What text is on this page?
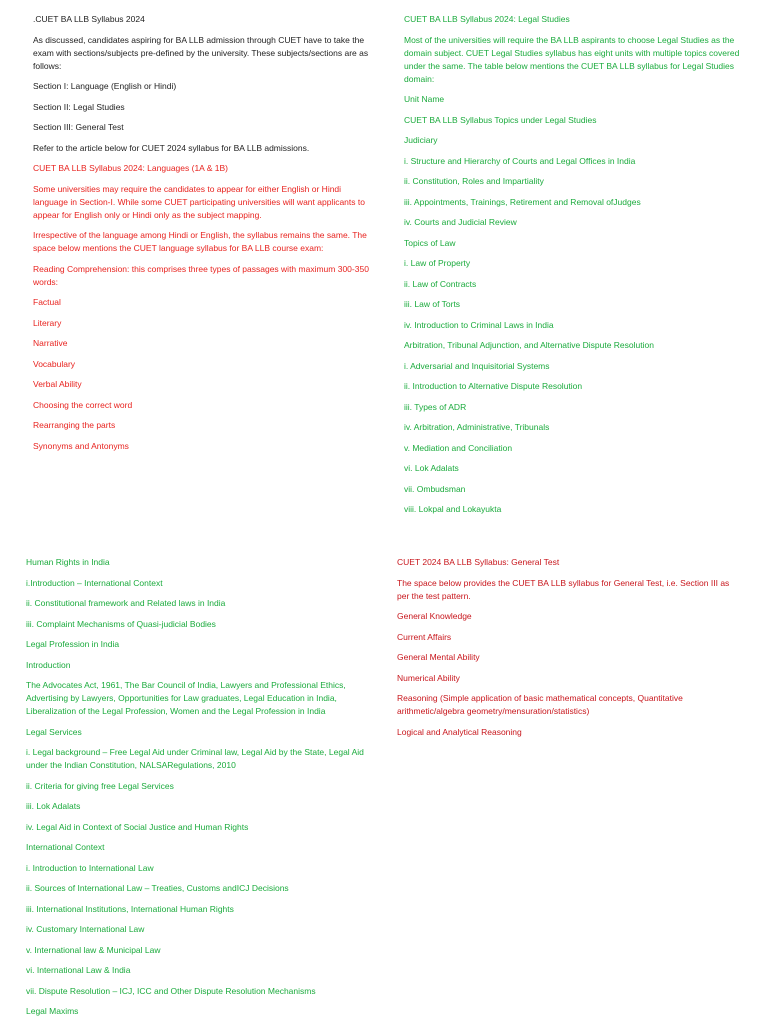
.CUET BA LLB Syllabus 2024

As discussed, candidates aspiring for BA LLB admission through CUET have to take the exam with sections/subjects pre-defined by the university. These subjects/sections are as follows:

Section I: Language (English or Hindi)

Section II: Legal Studies

Section III: General Test

Refer to the article below for CUET 2024 syllabus for BA LLB admissions.

CUET BA LLB Syllabus 2024: Languages (1A & 1B)

Some universities may require the candidates to appear for either English or Hindi language in Section-I. While some CUET participating universities will want applicants to appear for English only or Hindi only as the subject mapping.

Irrespective of the language among Hindi or English, the syllabus remains the same. The space below mentions the CUET language syllabus for BA LLB course exam:

Reading Comprehension: this comprises three types of passages with maximum 300-350 words:

Factual

Literary

Narrative

Vocabulary

Verbal Ability

Choosing the correct word

Rearranging the parts

Synonyms and Antonyms

CUET BA LLB Syllabus 2024: Legal Studies

Most of the universities will require the BA LLB aspirants to choose Legal Studies as the domain subject. CUET Legal Studies syllabus has eight units with multiple topics covered under the same. The table below mentions the CUET BA LLB syllabus for Legal Studies domain:

Unit Name

CUET BA LLB Syllabus Topics under Legal Studies

Judiciary

i. Structure and Hierarchy of Courts and Legal Offices in India

ii. Constitution, Roles and Impartiality

iii. Appointments, Trainings, Retirement and Removal ofJudges

iv. Courts and Judicial Review

Topics of Law

i. Law of Property

ii. Law of Contracts

iii. Law of Torts

iv. Introduction to Criminal Laws in India

Arbitration, Tribunal Adjunction, and Alternative Dispute Resolution

i. Adversarial and Inquisitorial Systems

ii. Introduction to Alternative Dispute Resolution

iii. Types of ADR

iv. Arbitration, Administrative, Tribunals

v. Mediation and Conciliation

vi. Lok Adalats

vii. Ombudsman

viii. Lokpal and Lokayukta

Human Rights in India

i.Introduction – International Context

ii. Constitutional framework and Related laws in India

iii. Complaint Mechanisms of Quasi-judicial Bodies

Legal Profession in India

Introduction

The Advocates Act, 1961, The Bar Council of India, Lawyers and Professional Ethics, Advertising by Lawyers, Opportunities for Law graduates, Legal Education in India, Liberalization of the Legal Profession, Women and the Legal Profession in India

Legal Services

i. Legal background – Free Legal Aid under Criminal law, Legal Aid by the State, Legal Aid under the Indian Constitution, NALSARegulations, 2010

ii. Criteria for giving free Legal Services

iii. Lok Adalats

iv. Legal Aid in Context of Social Justice and Human Rights

International Context

i. Introduction to International Law

ii. Sources of International Law – Treaties, Customs andICJ Decisions

iii. International Institutions, International Human Rights

iv. Customary International Law

v. International law & Municipal Law

vi. International Law & India

vii. Dispute Resolution – ICJ, ICC and Other Dispute Resolution Mechanisms

Legal Maxims

CUET 2024 BA LLB Syllabus: General Test

The space below provides the CUET BA LLB syllabus for General Test, i.e. Section III as per the test pattern.

General Knowledge

Current Affairs

General Mental Ability

Numerical Ability

Reasoning (Simple application of basic mathematical concepts, Quantitative arithmetic/algebra geometry/mensuration/statistics)

Logical and Analytical Reasoning
